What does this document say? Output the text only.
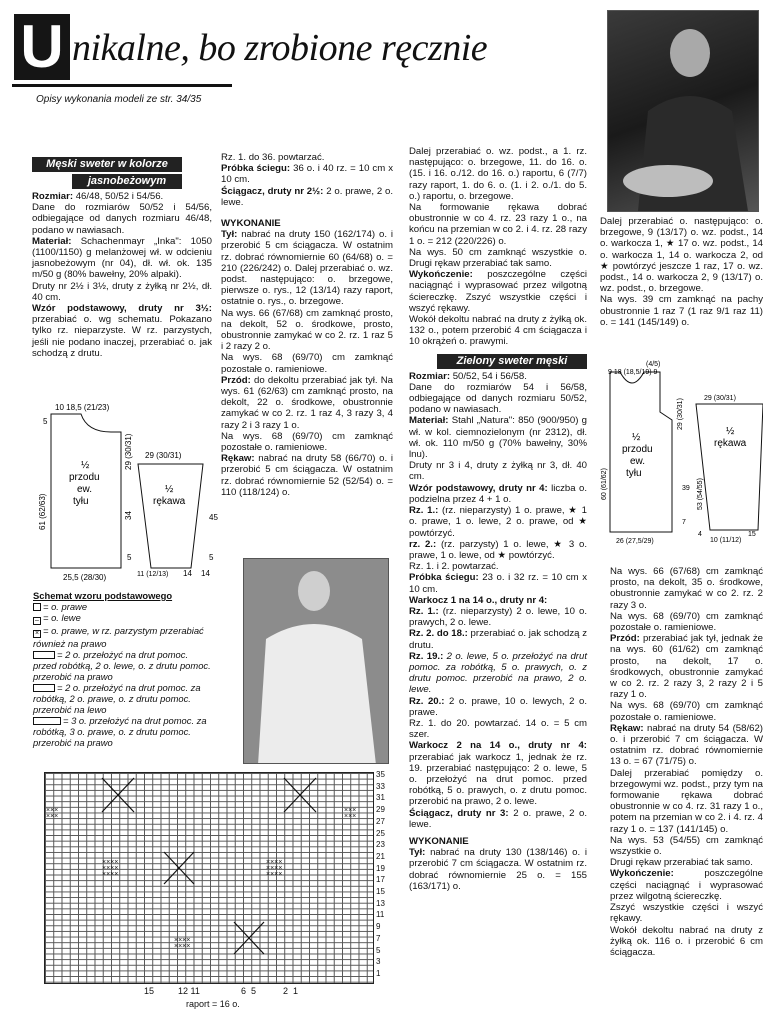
U nikalne, bo zrobione ręcznie
Opisy wykonania modeli ze str. 34/35
Męski sweter w kolorze
jasnobeżowym

Rozmiar: 46/48, 50/52 i 54/56.

Dane do rozmiarów 50/52 i 54/56, odbiegające od danych rozmiaru 46/48, podano w nawiasach.

Materiał: Schachenmayr „Inka": 1050 (1100/1150) g melanżowej wł. w odcieniu jasnobeżowym (nr 04), dł. wł. ok. 135 m/50 g (80% bawełny, 20% alpaki).

Druty nr 2½ i 3½, druty z żyłką nr 2½, dł. 40 cm.

Wzór podstawowy, druty nr 3½: przerabiać o. wg schematu. Pokazano tylko rz. nieparzyste. W rz. parzystych, jeśli nie podano inaczej, przerabiać o. jak schodzą z drutu.

10 18,5 (21/23)
5
½
przodu
ew.
tyłu
61 (62/63)
29 (30/31)
34
5
25,5 (28/30)
29 (30/31)
½
rękawa
45
5
11 (12/13) 14 14
Schemat wzoru podstawowego
= o. prawe
– = o. lewe
× = o. prawe, w rz. parzystym przerabiać również na prawo
= 2 o. przełożyć na drut pomoc. przed robótką, 2 o. lewe, o. z drutu pomoc. przerobić na prawo
= 2 o. przełożyć na drut pomoc. za robótką, 2 o. prawe, o. z drutu pomoc. przerobić na lewo
= 3 o. przełożyć na drut pomoc. za robótką, 3 o. prawe, o. z drutu pomoc. przerobić na prawo
×××
×××
××××
××××
××××
××××
××××
××××
××××
××××
×××
×××
35
33
31
29
27
25
23
21
19
17
15
13
11
9
7
5
3
1
15	12 11	6  5	2  1
raport = 16 o.

Rz. 1. do 36. powtarzać.

Próbka ściegu: 36 o. i 40 rz. = 10 cm x 10 cm.

Ściągacz, druty nr 2½: 2 o. prawe, 2 o. lewe.

WYKONANIE

Tył: nabrać na druty 150 (162/174) o. i przerobić 5 cm ściągacza. W ostatnim rz. dobrać równomiernie 60 (64/68) o. = 210 (226/242) o. Dalej przerabiać o. wz. podst. następująco: o. brzegowe, pierwsze o. rys., 12 (13/14) razy raport, ostatnie o. rys., o. brzegowe.

Na wys. 66 (67/68) cm zamknąć prosto, na dekolt, 52 o. środkowe, prosto, obustronnie zamykać w co 2. rz. 1 raz 5 i 2 razy 2 o.

Na wys. 68 (69/70) cm zamknąć pozostałe o. ramieniowe.

Przód: do dekoltu przerabiać jak tył. Na wys. 61 (62/63) cm zamknąć prosto, na dekolt, 22 o. środkowe, obustronnie zamykać w co 2. rz. 1 raz 4, 3 razy 3, 4 razy 2 i 3 razy 1 o.

Na wys. 68 (69/70) cm zamknąć pozostałe o. ramieniowe.

Rękaw: nabrać na druty 58 (66/70) o. i przerobić 5 cm ściągacza. W ostatnim rz. dobrać równomiernie 52 (52/54) o. = 110 (118/124) o.

Dalej przerabiać o. wz. podst., a 1. rz. następująco: o. brzegowe, 11. do 16. o. (15. i 16. o./12. do 16. o.) raportu, 6 (7/7) razy raport, 1. do 6. o. (1. i 2. o./1. do 5. o.) raportu, o. brzegowe.

Na formowanie rękawa dobrać obustronnie w co 4. rz. 23 razy 1 o., na końcu na przemian w co 2. i 4. rz. 28 razy 1 o. = 212 (220/226) o.

Na wys. 50 cm zamknąć wszystkie o. Drugi rękaw przerabiać tak samo.

Wykończenie: poszczególne części naciągnąć i wyprasować przez wilgotną ściereczkę. Zszyć wszystkie części i wszyć rękawy.

Wokół dekoltu nabrać na druty z żyłką ok. 132 o., potem przerobić 4 cm ściągacza i 10 okrążeń o. prawymi.

Zielony sweter męski

Rozmiar: 50/52, 54 i 56/58.

Dane do rozmiarów 54 i 56/58, odbiegające od danych rozmiaru 50/52, podano w nawiasach.

Materiał: Stahl „Natura": 850 (900/950) g wł. w kol. ciemnozielonym (nr 2312), dł. wł. ok. 110 m/50 g (70% bawełny, 30% lnu).

Druty nr 3 i 4, druty z żyłką nr 3, dł. 40 cm.

Wzór podstawowy, druty nr 4: liczba o. podzielna przez 4 + 1 o.

Rz. 1.: (rz. nieparzysty) 1 o. prawe, ★ 1 o. prawe, 1 o. lewe, 2 o. prawe, od ★ powtórzyć.

rz. 2.: (rz. parzysty) 1 o. lewe, ★ 3 o. prawe, 1 o. lewe, od ★ powtórzyć.

Rz. 1. i 2. powtarzać.

Próbka ściegu: 23 o. i 32 rz. = 10 cm x 10 cm.

Warkocz 1 na 14 o., druty nr 4:

Rz. 1.: (rz. nieparzysty) 2 o. lewe, 10 o. prawych, 2 o. lewe.

Rz. 2. do 18.: przerabiać o. jak schodzą z drutu.

Rz. 19.: 2 o. lewe, 5 o. przełożyć na drut pomoc. za robótką, 5 o. prawych, o. z drutu pomoc. przerobić na prawo, 2 o. lewe.

Rz. 20.: 2 o. prawe, 10 o. lewych, 2 o. prawe.

Rz. 1. do 20. powtarzać. 14 o. = 5 cm szer.

Warkocz 2 na 14 o., druty nr 4: przerabiać jak warkocz 1, jednak że rz. 19. przerabiać następująco: 2 o. lewe, 5 o. przełożyć na drut pomoc. przed robótką, 5 o. prawych, o. z drutu pomoc. przerobić na prawo, 2 o. lewe.

Ściągacz, druty nr 3: 2 o. prawe, 2 o. lewe.

WYKONANIE

Tył: nabrać na druty 130 (138/146) o. i przerobić 7 cm ściągacza. W ostatnim rz. dobrać równomiernie 25 o. = 155 (163/171) o.

Dalej przerabiać o. następująco: o. brzegowe, 9 (13/17) o. wz. podst., 14 o. warkocza 1, ★ 17 o. wz. podst., 14 o. warkocza 1, 14 o. warkocza 2, od ★ powtórzyć jeszcze 1 raz, 17 o. wz. podst., 14 o. warkocza 2, 9 (13/17) o. wz. podst., o. brzegowe.

Na wys. 39 cm zamknąć na pachy obustronnie 1 raz 7 (1 raz 9/1 raz 11) o. = 141 (145/149) o.

(4/5)
9 18 (18,5/19) 9
½
przodu
ew.
tyłu
60 (61/62)
29 (30/31)
39
7
26 (27,5/29)
29 (30/31)
½
rękawa
53 (54/55)
10 (11/12)
4	15

Na wys. 66 (67/68) cm zamknąć prosto, na dekolt, 35 o. środkowe, obustronnie zamykać w co 2. rz. 2 razy 3 o.

Na wys. 68 (69/70) cm zamknąć pozostałe o. ramieniowe.

Przód: przerabiać jak tył, jednak że na wys. 60 (61/62) cm zamknąć prosto, na dekolt, 17 o. środkowych, obustronnie zamykać w co 2. rz. 2 razy 3, 2 razy 2 i 5 razy 1 o.

Na wys. 68 (69/70) cm zamknąć pozostałe o. ramieniowe.

Rękaw: nabrać na druty 54 (58/62) o. i przerobić 7 cm ściągacza. W ostatnim rz. dobrać równomiernie 13 o. = 67 (71/75) o.

Dalej przerabiać pomiędzy o. brzegowymi wz. podst., przy tym na formowanie rękawa dobrać obustronnie w co 4. rz. 31 razy 1 o., potem na przemian w co 2. i 4. rz. 4 razy 1 o. = 137 (141/145) o.

Na wys. 53 (54/55) cm zamknąć wszystkie o.

Drugi rękaw przerabiać tak samo.

Wykończenie:	poszczególne części naciągnąć i wyprasować przez wilgotną ściereczkę.

Zszyć wszystkie części i wszyć rękawy.

Wokół dekoltu nabrać na druty z żyłką ok. 116 o. i przerobić 6 cm ściągacza.
